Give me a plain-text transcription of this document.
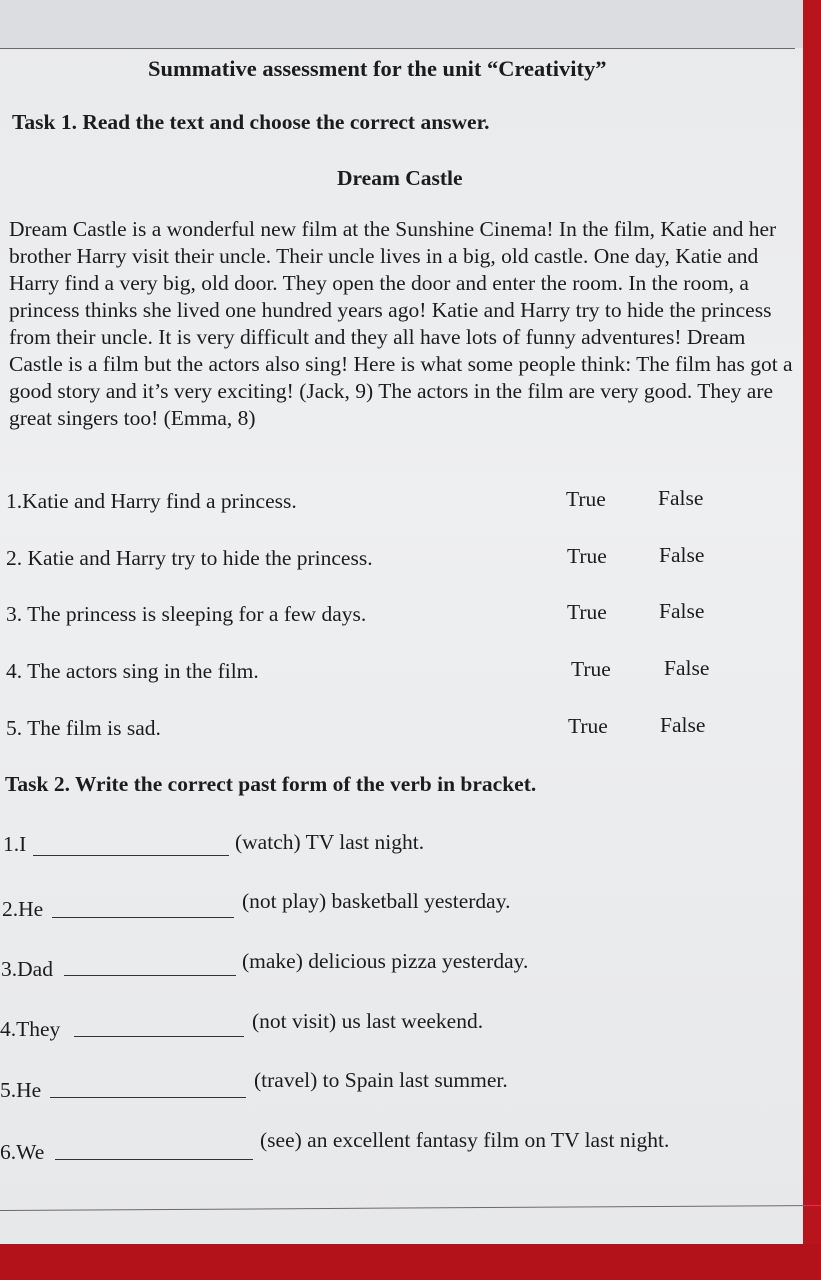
Summative assessment for the unit “Creativity”
Task 1. Read the text and choose the correct answer.
Dream Castle
Dream Castle is a wonderful new film at the Sunshine Cinema! In the film, Katie and her brother Harry visit their uncle. Their uncle lives in a big, old castle. One day, Katie and Harry find a very big, old door. They open the door and enter the room. In the room, a princess thinks she lived one hundred years ago! Katie and Harry try to hide the princess from their uncle. It is very difficult and they all have lots of funny adventures! Dream Castle is a film but the actors also sing! Here is what some people think: The film has got a good story and it’s very exciting! (Jack, 9) The actors in the film are very good. They are great singers too! (Emma, 8)
1.Katie and Harry find a princess.	True False
2. Katie and Harry try to hide the princess.	True False
3. The princess is sleeping for a few days.	True False
4. The actors sing in the film.	True False
5. The film is sad.	True False
Task 2. Write the correct past form of the verb in bracket.
1.I	(watch) TV last night.
2.He	(not play) basketball yesterday.
3.Dad	(make) delicious pizza yesterday.
4.They	(not visit) us last weekend.
5.He	(travel) to Spain last summer.
6.We	(see) an excellent fantasy film on TV last night.
